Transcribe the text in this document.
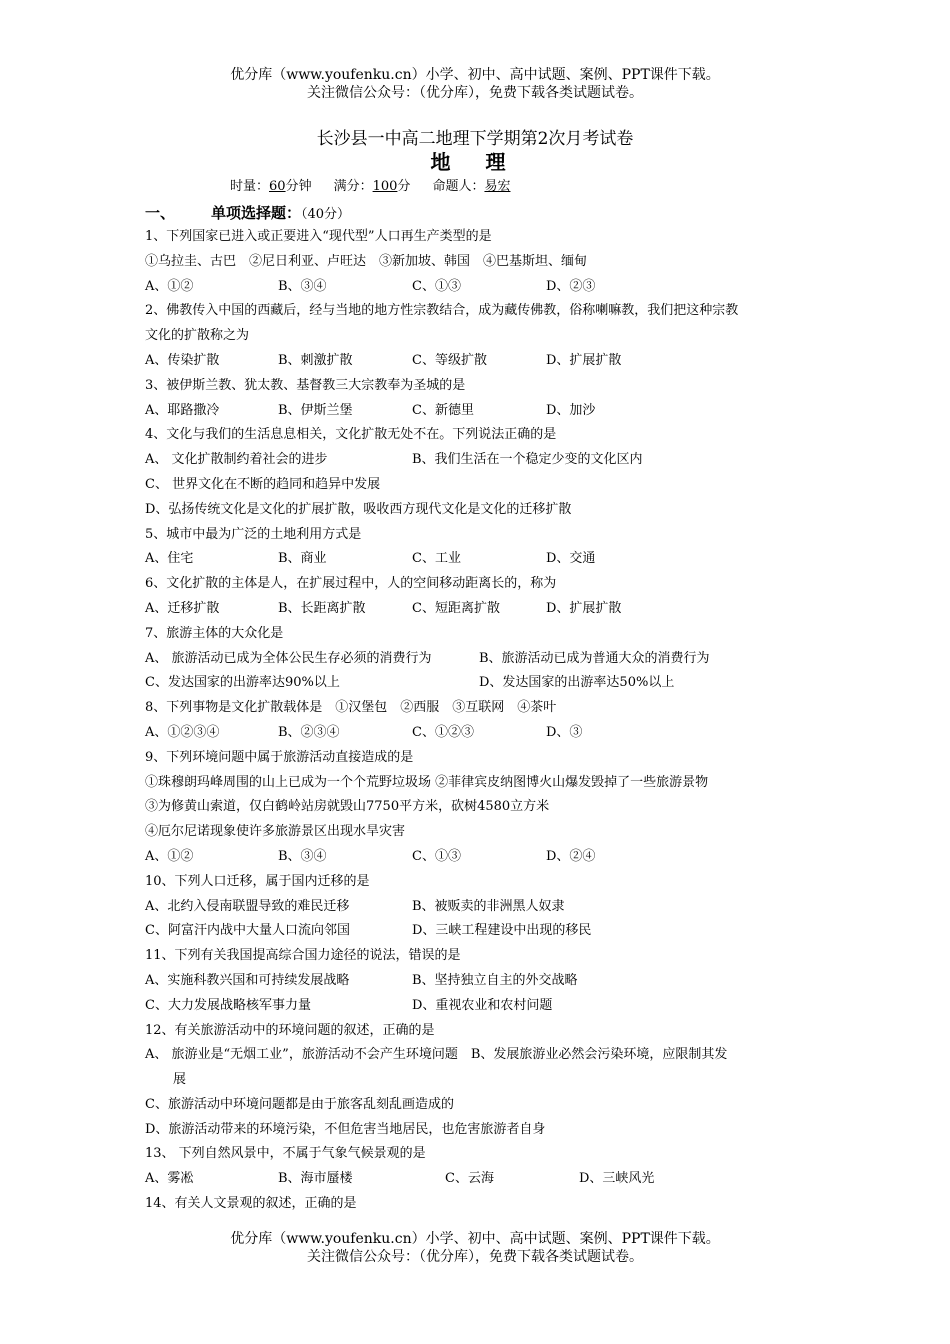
优分库（www.youfenku.cn）小学、初中、高中试题、案例、PPT课件下载。
关注微信公众号：（优分库），免费下载各类试题试卷。
长沙县一中高二地理下学期第2次月考试卷
地 理
时量：60分钟 满分：100分 命题人：易宏
一、 单项选择题：（40分）
1、下列国家已进入或正要进入“现代型”人口再生产类型的是
①乌拉圭、古巴　②尼日利亚、卢旺达　③新加坡、韩国　④巴基斯坦、缅甸
A、①②	B、③④	C、①③	D、②③
2、佛教传入中国的西藏后，经与当地的地方性宗教结合，成为藏传佛教，俗称喇嘛教，我们把这种宗教
文化的扩散称之为
A、传染扩散	B、刺激扩散	C、等级扩散	D、扩展扩散
3、被伊斯兰教、犹太教、基督教三大宗教奉为圣城的是
A、耶路撒冷	B、伊斯兰堡	C、新德里	D、加沙
4、文化与我们的生活息息相关，文化扩散无处不在。下列说法正确的是
A、 文化扩散制约着社会的进步	B、我们生活在一个稳定少变的文化区内
C、 世界文化在不断的趋同和趋异中发展
D、弘扬传统文化是文化的扩展扩散，吸收西方现代文化是文化的迁移扩散
5、城市中最为广泛的土地利用方式是
A、住宅	B、商业	C、工业	D、交通
6、文化扩散的主体是人，在扩展过程中，人的空间移动距离长的，称为
A、迁移扩散	B、长距离扩散	C、短距离扩散	D、扩展扩散
7、旅游主体的大众化是
A、 旅游活动已成为全体公民生存必须的消费行为	B、旅游活动已成为普通大众的消费行为
C、发达国家的出游率达90%以上	D、发达国家的出游率达50%以上
8、下列事物是文化扩散载体是　①汉堡包　②西服　③互联网　④茶叶
A、①②③④	B、②③④	C、①②③	D、③
9、下列环境问题中属于旅游活动直接造成的是
①珠穆朗玛峰周围的山上已成为一个个荒野垃圾场 ②菲律宾皮纳图博火山爆发毁掉了一些旅游景物
③为修黄山索道，仅白鹤岭站房就毁山7750平方米，砍树4580立方米
④厄尔尼诺现象使许多旅游景区出现水旱灾害
A、①②	B、③④	C、①③	D、②④
10、下列人口迁移，属于国内迁移的是
A、北约入侵南联盟导致的难民迁移	B、被贩卖的非洲黑人奴隶
C、阿富汗内战中大量人口流向邻国	D、三峡工程建设中出现的移民
11、下列有关我国提高综合国力途径的说法，错误的是
A、实施科教兴国和可持续发展战略	B、坚持独立自主的外交战略
C、大力发展战略核军事力量	D、重视农业和农村问题
12、有关旅游活动中的环境问题的叙述，正确的是
A、 旅游业是“无烟工业”，旅游活动不会产生环境问题　B、发展旅游业必然会污染环境，应限制其发
展
C、旅游活动中环境问题都是由于旅客乱刻乱画造成的
D、旅游活动带来的环境污染，不但危害当地居民，也危害旅游者自身
13、 下列自然风景中，不属于气象气候景观的是
A、雾凇	B、海市蜃楼	C、云海	D、三峡风光
14、有关人文景观的叙述，正确的是
优分库（www.youfenku.cn）小学、初中、高中试题、案例、PPT课件下载。
关注微信公众号：（优分库），免费下载各类试题试卷。
